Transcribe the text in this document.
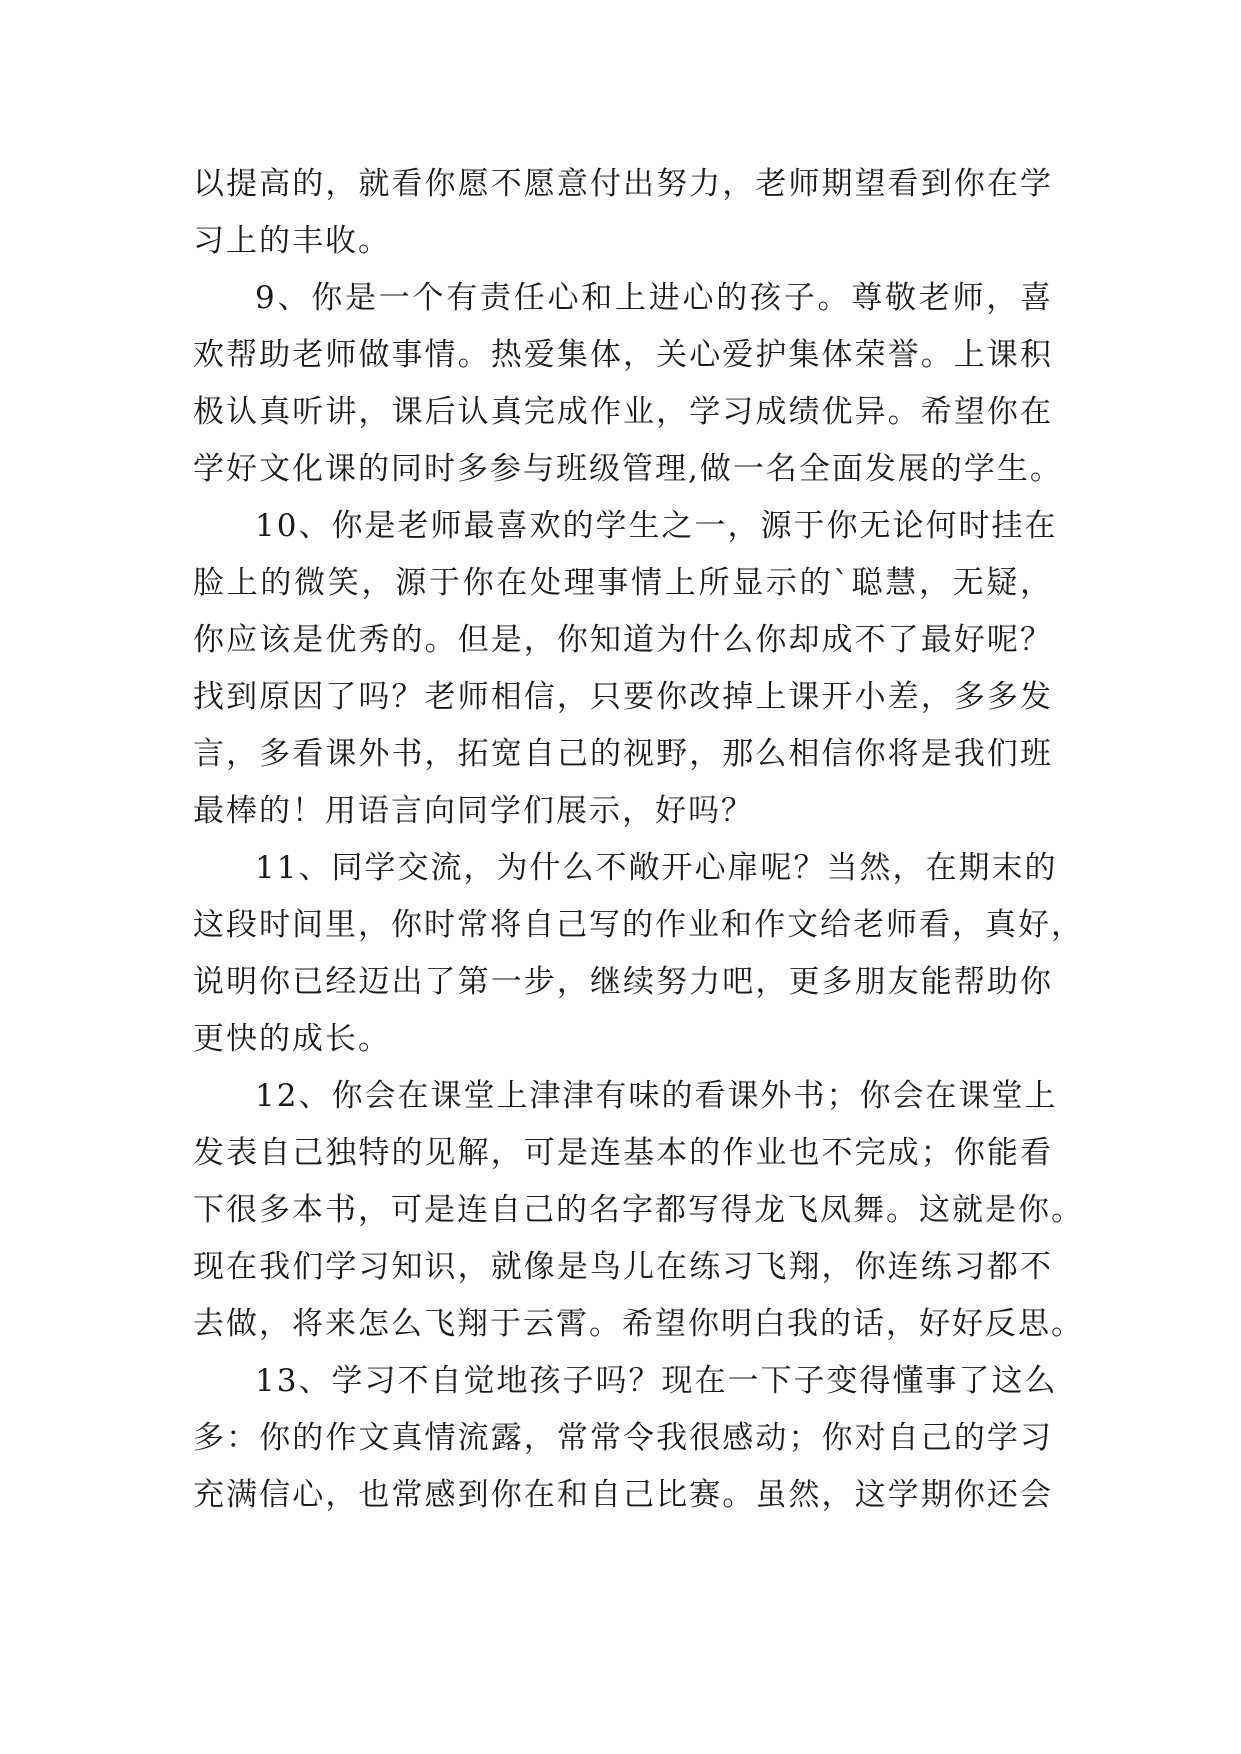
以提高的，就看你愿不愿意付出努力，老师期望看到你在学
习上的丰收。
9、你是一个有责任心和上进心的孩子。尊敬老师，喜
欢帮助老师做事情。热爱集体，关心爱护集体荣誉。上课积
极认真听讲，课后认真完成作业，学习成绩优异。希望你在
学好文化课的同时多参与班级管理,做一名全面发展的学生。
10、你是老师最喜欢的学生之一，源于你无论何时挂在
脸上的微笑，源于你在处理事情上所显示的`聪慧，无疑，
你应该是优秀的。但是，你知道为什么你却成不了最好呢？
找到原因了吗？老师相信，只要你改掉上课开小差，多多发
言，多看课外书，拓宽自己的视野，那么相信你将是我们班
最棒的！用语言向同学们展示，好吗？
11、同学交流，为什么不敞开心扉呢？当然，在期末的
这段时间里，你时常将自己写的作业和作文给老师看，真好，
说明你已经迈出了第一步，继续努力吧，更多朋友能帮助你
更快的成长。
12、你会在课堂上津津有味的看课外书；你会在课堂上
发表自己独特的见解，可是连基本的作业也不完成；你能看
下很多本书，可是连自己的名字都写得龙飞凤舞。这就是你。
现在我们学习知识，就像是鸟儿在练习飞翔，你连练习都不
去做，将来怎么飞翔于云霄。希望你明白我的话，好好反思。
13、学习不自觉地孩子吗？现在一下子变得懂事了这么
多：你的作文真情流露，常常令我很感动；你对自己的学习
充满信心，也常感到你在和自己比赛。虽然，这学期你还会
